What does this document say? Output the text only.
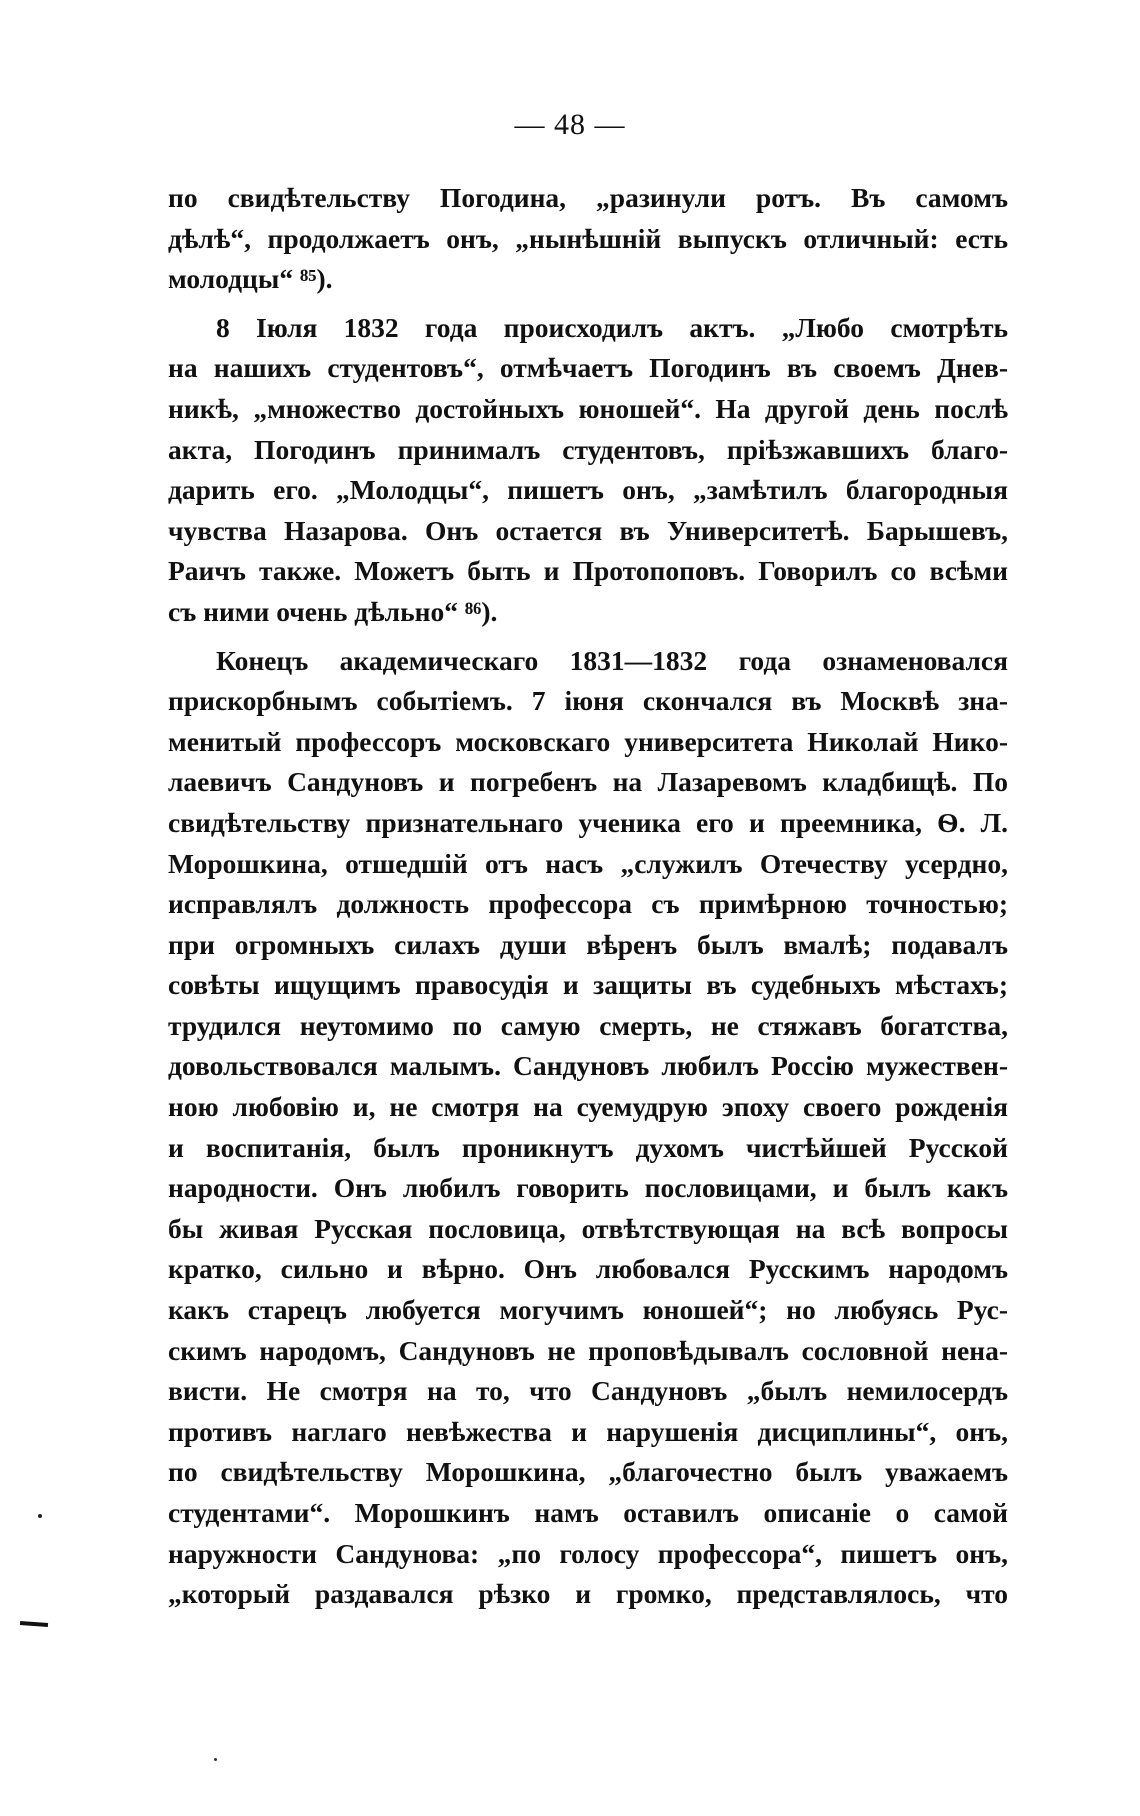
— 48 —
по свидѣтельству Погодина, „разинули ротъ. Въ самомъ
дѣлѣ“, продолжаетъ онъ, „нынѣшній выпускъ отличный: есть
молодцы“ ⁸⁵).
8 Іюля 1832 года происходилъ актъ. „Любо смотрѣть
на нашихъ студентовъ“, отмѣчаетъ Погодинъ въ своемъ Днев-
никѣ, „множество достойныхъ юношей“. На другой день послѣ
акта, Погодинъ принималъ студентовъ, пріѣзжавшихъ благо-
дарить его. „Молодцы“, пишетъ онъ, „замѣтилъ благородныя
чувства Назарова. Онъ остается въ Университетѣ. Барышевъ,
Раичъ также. Можетъ быть и Протопоповъ. Говорилъ со всѣми
съ ними очень дѣльно“ ⁸⁶).
Конецъ академическаго 1831—1832 года ознаменовался
прискорбнымъ событіемъ. 7 іюня скончался въ Москвѣ зна-
менитый профессоръ московскаго университета Николай Нико-
лаевичъ Сандуновъ и погребенъ на Лазаревомъ кладбищѣ. По
свидѣтельству признательнаго ученика его и преемника, Ѳ. Л.
Морошкина, отшедшій отъ насъ „служилъ Отечеству усердно,
исправлялъ должность профессора съ примѣрною точностью;
при огромныхъ силахъ души вѣренъ былъ вмалѣ; подавалъ
совѣты ищущимъ правосудія и защиты въ судебныхъ мѣстахъ;
трудился неутомимо по самую смерть, не стяжавъ богатства,
довольствовался малымъ. Сандуновъ любилъ Россію мужествен-
ною любовію и, не смотря на суемудрую эпоху своего рожденія
и воспитанія, былъ проникнутъ духомъ чистѣйшей Русской
народности. Онъ любилъ говорить пословицами, и былъ какъ
бы живая Русская пословица, отвѣтствующая на всѣ вопросы
кратко, сильно и вѣрно. Онъ любовался Русскимъ народомъ
какъ старецъ любуется могучимъ юношей“; но любуясь Рус-
скимъ народомъ, Сандуновъ не проповѣдывалъ сословной нена-
висти. Не смотря на то, что Сандуновъ „былъ немилосердъ
противъ наглаго невѣжества и нарушенія дисциплины“, онъ,
по свидѣтельству Морошкина, „благочестно былъ уважаемъ
студентами“. Морошкинъ намъ оставилъ описаніе о самой
наружности Сандунова: „по голосу профессора“, пишетъ онъ,
„который раздавался рѣзко и громко, представлялось, что
